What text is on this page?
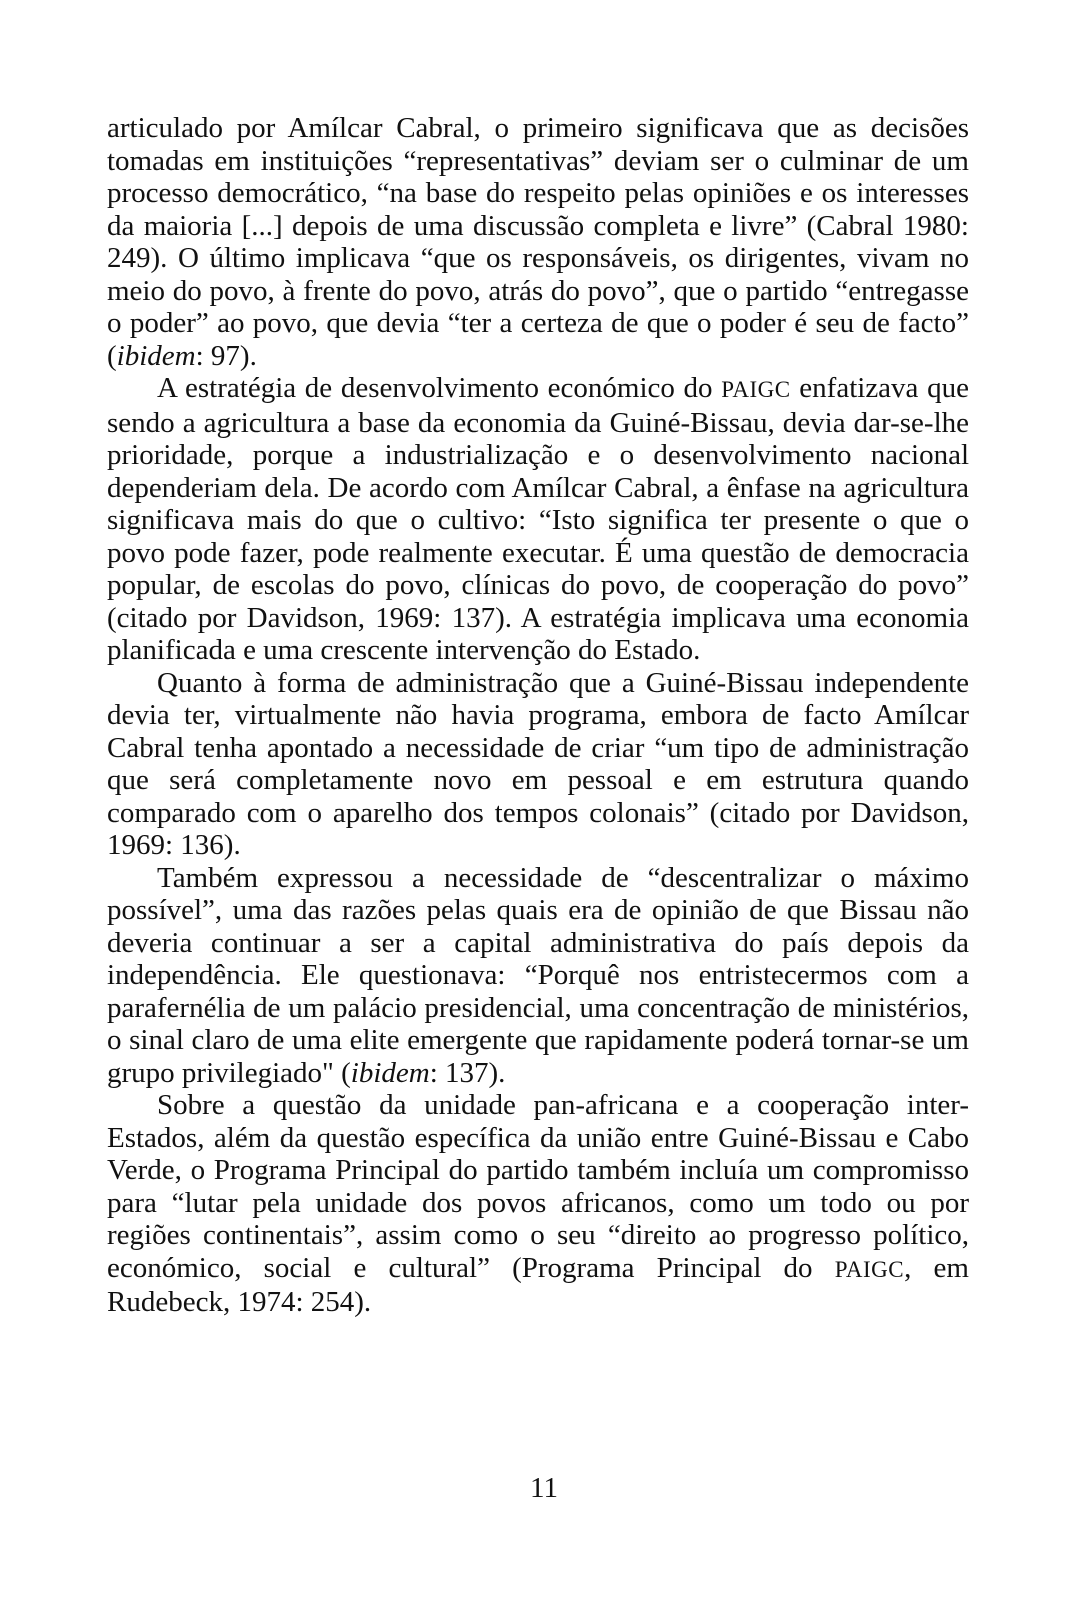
articulado por Amílcar Cabral, o primeiro significava que as decisões tomadas em instituições “representativas” deviam ser o culminar de um processo democrático, “na base do respeito pelas opiniões e os interesses da maioria [...] depois de uma discussão completa e livre” (Cabral 1980: 249). O último implicava “que os responsáveis, os dirigentes, vivam no meio do povo, à frente do povo, atrás do povo”, que o partido “entregasse o poder” ao povo, que devia “ter a certeza de que o poder é seu de facto” (ibidem: 97).

A estratégia de desenvolvimento económico do PAIGC enfatizava que sendo a agricultura a base da economia da Guiné-Bissau, devia dar-se-lhe prioridade, porque a industrialização e o desenvolvimento nacional dependeriam dela. De acordo com Amílcar Cabral, a ênfase na agricultura significava mais do que o cultivo: “Isto significa ter presente o que o povo pode fazer, pode realmente executar. É uma questão de democracia popular, de escolas do povo, clínicas do povo, de cooperação do povo” (citado por Davidson, 1969: 137). A estratégia implicava uma economia planificada e uma crescente intervenção do Estado.

Quanto à forma de administração que a Guiné-Bissau independente devia ter, virtualmente não havia programa, embora de facto Amílcar Cabral tenha apontado a necessidade de criar “um tipo de administração que será completamente novo em pessoal e em estrutura quando comparado com o aparelho dos tempos colonais” (citado por Davidson, 1969: 136).

Também expressou a necessidade de “descentralizar o máximo possível”, uma das razões pelas quais era de opinião de que Bissau não deveria continuar a ser a capital administrativa do país depois da independência. Ele questionava: “Porquê nos entristecermos com a parafernélia de um palácio presidencial, uma concentração de ministérios, o sinal claro de uma elite emergente que rapidamente poderá tornar-se um grupo privilegiado" (ibidem: 137).

Sobre a questão da unidade pan-africana e a cooperação inter-Estados, além da questão específica da união entre Guiné-Bissau e Cabo Verde, o Programa Principal do partido também incluía um compromisso para “lutar pela unidade dos povos africanos, como um todo ou por regiões continentais”, assim como o seu “direito ao progresso político, económico, social e cultural” (Programa Principal do PAIGC, em Rudebeck, 1974: 254).

11
